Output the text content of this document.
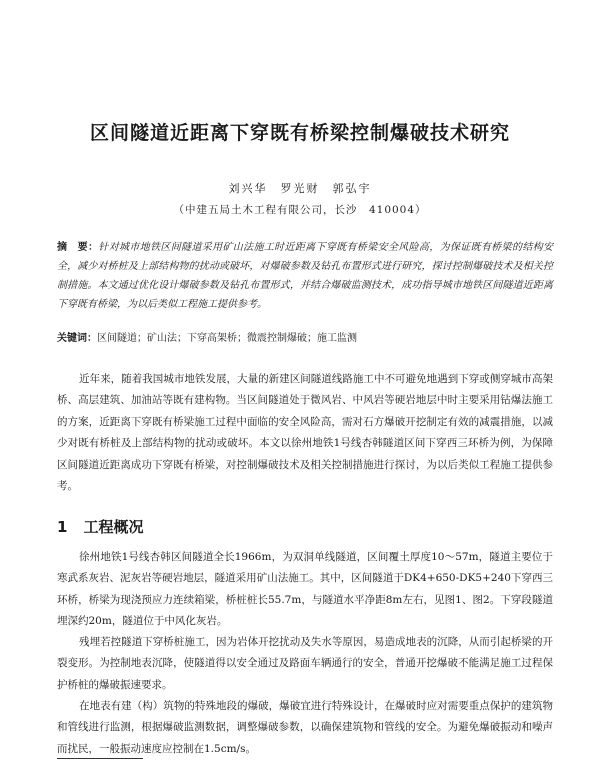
区间隧道近距离下穿既有桥梁控制爆破技术研究
刘兴华　罗光财　郭弘宇
（中建五局土木工程有限公司，长沙　410004）

摘　要：针对城市地铁区间隧道采用矿山法施工时近距离下穿既有桥梁安全风险高，为保证既有桥梁的结构安全，减少对桥桩及上部结构物的扰动或破坏，对爆破参数及钻孔布置形式进行研究，探讨控制爆破技术及相关控制措施。本文通过优化设计爆破参数及钻孔布置形式，并结合爆破监测技术，成功指导城市地铁区间隧道近距离下穿既有桥梁，为以后类似工程施工提供参考。

关键词：区间隧道；矿山法；下穿高架桥；微震控制爆破；施工监测

近年来，随着我国城市地铁发展，大量的新建区间隧道线路施工中不可避免地遇到下穿或侧穿城市高架桥、高层建筑、加油站等既有建构物。当区间隧道处于微风岩、中风岩等硬岩地层中时主要采用钻爆法施工的方案，近距离下穿既有桥梁施工过程中面临的安全风险高，需对石方爆破开挖制定有效的减震措施，以减少对既有桥桩及上部结构物的扰动或破坏。本文以徐州地铁1号线杏韩隧道区间下穿西三环桥为例，为保障区间隧道近距离成功下穿既有桥梁，对控制爆破技术及相关控制措施进行探讨，为以后类似工程施工提供参考。

1 工程概况

徐州地铁1号线杏韩区间隧道全长1966m，为双洞单线隧道，区间覆土厚度10～57m，隧道主要位于寒武系灰岩、泥灰岩等硬岩地层，隧道采用矿山法施工。其中，区间隧道于DK4+650-DK5+240下穿西三环桥，桥梁为现浇预应力连续箱梁，桥桩桩长55.7m，与隧道水平净距8m左右，见图1、图2。下穿段隧道埋深约20m，隧道位于中风化灰岩。

残埋若控隧道下穿桥桩施工，因为岩体开挖扰动及失水等原因，易造成地表的沉降，从而引起桥梁的开裂变形。为控制地表沉降，使隧道得以安全通过及路面车辆通行的安全，普通开挖爆破不能满足施工过程保护桥桩的爆破振速要求。

在地表有建（构）筑物的特殊地段的爆破，爆破宜进行特殊设计，在爆破时应对需要重点保护的建筑物和管线进行监测，根据爆破监测数据，调整爆破参数，以确保建筑物和管线的安全。为避免爆破振动和噪声而扰民，一般振动速度应控制在1.5cm/s。
